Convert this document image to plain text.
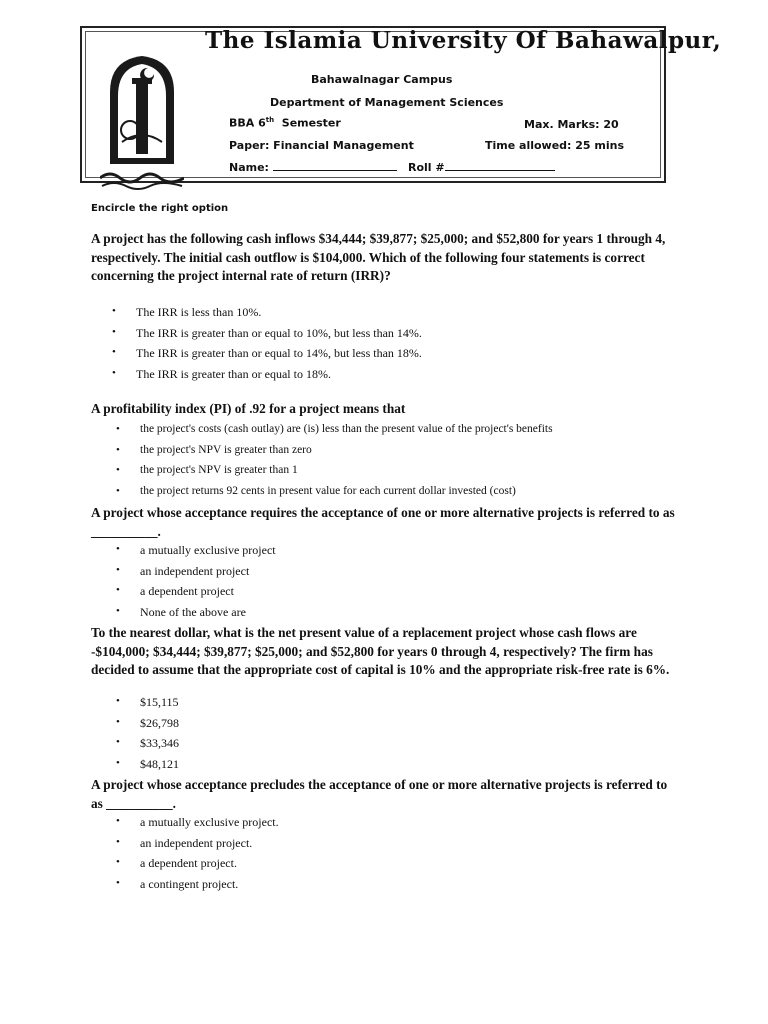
The Islamia University Of Bahawalpur,
Bahawalnagar Campus
Department of Management Sciences
BBA 6th Semester	Max. Marks: 20
Paper: Financial Management	Time allowed: 25 mins
Name:	Roll #
Encircle the right option
A project has the following cash inflows $34,444; $39,877; $25,000; and $52,800 for years 1 through 4, respectively. The initial cash outflow is $104,000. Which of the following four statements is correct concerning the project internal rate of return (IRR)?
• The IRR is less than 10%.
• The IRR is greater than or equal to 10%, but less than 14%.
• The IRR is greater than or equal to 14%, but less than 18%.
• The IRR is greater than or equal to 18%.
A profitability index (PI) of .92 for a project means that
• the project's costs (cash outlay) are (is) less than the present value of the project's benefits
• the project's NPV is greater than zero
• the project's NPV is greater than 1
• the project returns 92 cents in present value for each current dollar invested (cost)
A project whose acceptance requires the acceptance of one or more alternative projects is referred to as __________.
• a mutually exclusive project
• an independent project
• a dependent project
• None of the above are
To the nearest dollar, what is the net present value of a replacement project whose cash flows are -$104,000; $34,444; $39,877; $25,000; and $52,800 for years 0 through 4, respectively? The firm has decided to assume that the appropriate cost of capital is 10% and the appropriate risk-free rate is 6%.
• $15,115
• $26,798
• $33,346
• $48,121
A project whose acceptance precludes the acceptance of one or more alternative projects is referred to as __________.
• a mutually exclusive project.
• an independent project.
• a dependent project.
• a contingent project.
